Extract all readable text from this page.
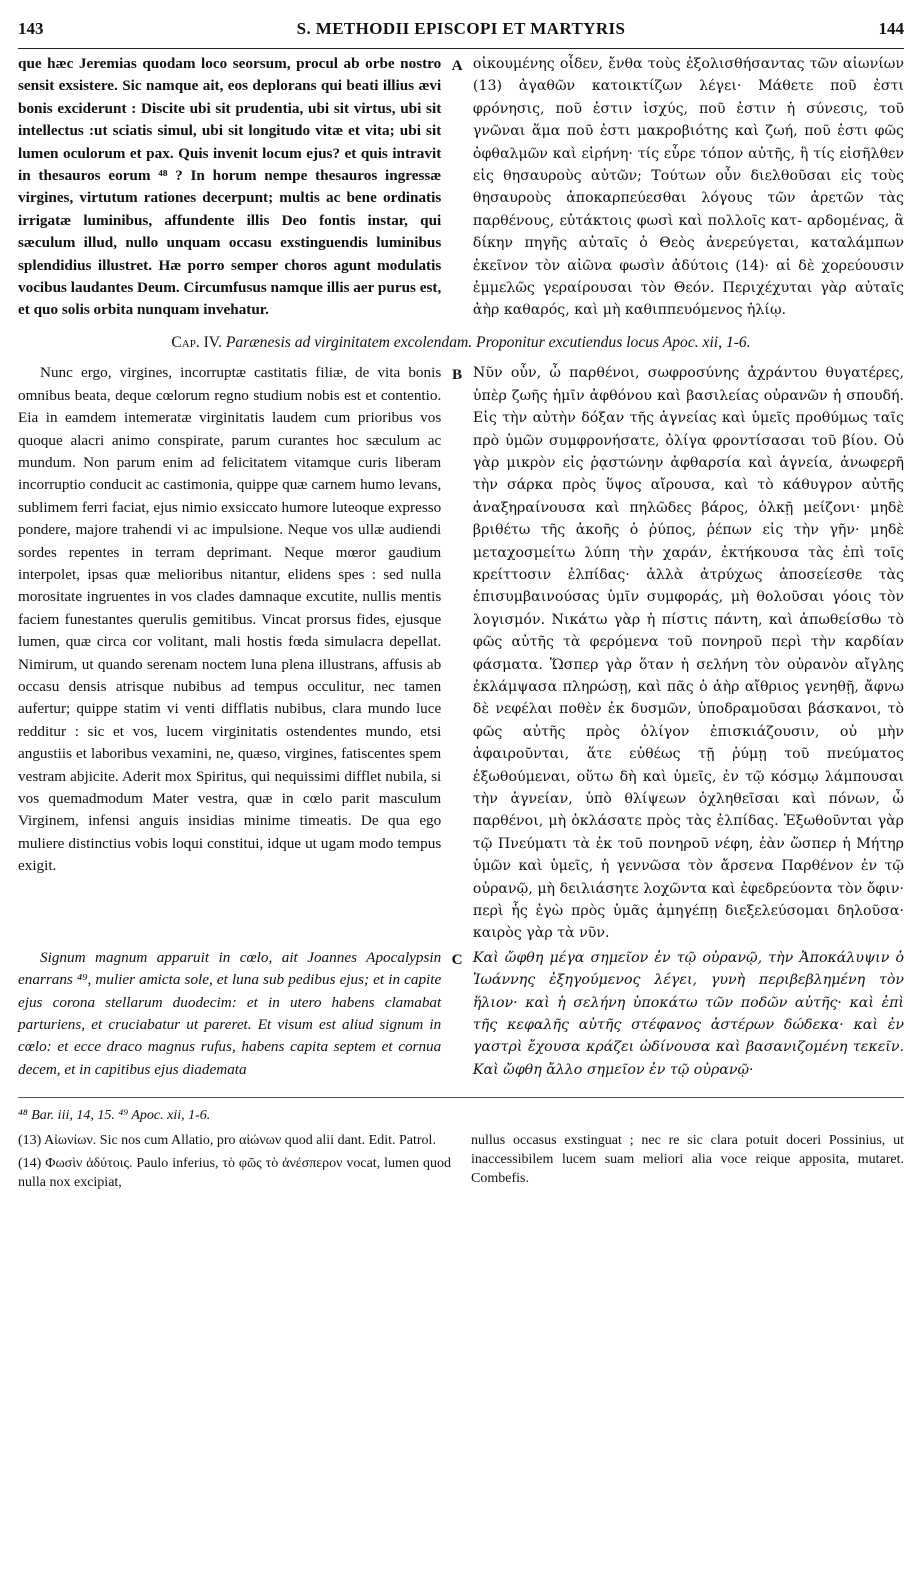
143	S. METHODII EPISCOPI ET MARTYRIS	144

que hæc Jeremias quodam loco seorsum, procul ab orbe nostro sensit exsistere. Sic namque ait, eos deplorans qui beati illius ævi bonis exciderunt : Discite ubi sit prudentia, ubi sit virtus, ubi sit intellectus :ut sciatis simul, ubi sit longitudo vitæ et vita; ubi sit lumen oculorum et pax. Quis invenit locum ejus? et quis intravit in thesauros eorum ⁴⁸ ? In horum nempe thesauros ingressæ virgines, virtutum rationes decerpunt; multis ac bene ordinatis irrigatæ luminibus, affundente illis Deo fontis instar, qui sæculum illud, nullo unquam occasu exstinguendis luminibus splendidius illustret. Hæ porro semper choros agunt modulatis vocibus laudantes Deum. Circumfusus namque illis aer purus est, et quo solis orbita nunquam invehatur.

A οἰκουμένης οἶδεν, ἔνθα τοὺς ἐξολισθήσαντας τῶν αἰωνίων (13) ἀγαθῶν κατοικτίζων λέγει· Μάθετε ποῦ ἐστι φρόνησις, ποῦ ἐστιν ἰσχύς, ποῦ ἐστιν ἡ σύνεσις, τοῦ γνῶναι ἅμα ποῦ ἐστι μακροβιότης καὶ ζωή, ποῦ ἐστι φῶς ὀφθαλμῶν καὶ εἰρήνη· τίς εὗρε τόπον αὐτῆς, ἢ τίς εἰσῆλθεν εἰς θησαυροὺς αὐτῶν; Τούτων οὖν διελθοῦσαι εἰς τοὺς θησαυροὺς ἀποκαρπεύεσθαι λόγους τῶν ἀρετῶν τὰς παρθένους, εὐτάκτοις φωσὶ καὶ πολλοῖς κατ- αρδομένας, ἃ δίκην πηγῆς αὐταῖς ὁ Θεὸς ἀνερεύγεται, καταλάμπων ἐκεῖνον τὸν αἰῶνα φωσὶν ἀδύτοις (14)· αἱ δὲ χορεύουσιν ἐμμελῶς γεραίρουσαι τὸν Θεόν. Περιχέχυται γὰρ αὐταῖς ἀὴρ καθαρός, καὶ μὴ καθιππευόμενος ἡλίῳ.

Cap. IV. Parænesis ad virginitatem excolendam. Proponitur excutiendus locus Apoc. xii, 1-6.

Nunc ergo, virgines, incorruptæ castitatis filiæ, de vita bonis omnibus beata, deque cœlorum regno studium nobis est et contentio. Eia in eamdem intemeratæ virginitatis laudem cum prioribus vos quoque alacri animo conspirate, parum curantes hoc sæculum ac mundum. Non parum enim ad felicitatem vitamque curis liberam incorruptio conducit ac castimonia, quippe quæ carnem humo levans, sublimem ferri faciat, ejus nimio exsiccato humore luteoque expresso pondere, majore trahendi vi ac impulsione. Neque vos ullæ audiendi sordes repentes in terram deprimant. Neque mœror gaudium interpolet, ipsas quæ melioribus nitantur, elidens spes : sed nulla morositate ingruentes in vos clades damnaque excutite, nullis mentis faciem funestantes querulis gemitibus. Vincat prorsus fides, ejusque lumen, quæ circa cor volitant, mali hostis fœda simulacra depellat. Nimirum, ut quando serenam noctem luna plena illustrans, affusis ab occasu densis atrisque nubibus ad tempus occulitur, nec tamen aufertur; quippe statim vi venti difflatis nubibus, clara mundo luce redditur : sic et vos, lucem virginitatis ostendentes mundo, etsi angustiis et laboribus vexamini, ne, quæso, virgines, fatiscentes spem vestram abjicite. Aderit mox Spiritus, qui nequissimi difflet nubila, si vos quemadmodum Mater vestra, quæ in cœlo parit masculum Virginem, infensi anguis insidias minime timeatis. De qua ego muliere distinctius vobis loqui constitui, idque ut ugam modo tempus exigit.

B Νῦν οὖν, ὦ παρθένοι, σωφροσύνης ἀχράντου θυγατέρες, ὑπὲρ ζωῆς ἡμῖν ἀφθόνου καὶ βασιλείας οὐρανῶν ἡ σπουδή. Εἰς τὴν αὐτὴν δόξαν τῆς ἁγνείας καὶ ὑμεῖς προθύμως ταῖς πρὸ ὑμῶν συμφρονήσατε, ὀλίγα φροντίσασαι τοῦ βίου. Οὐ γὰρ μικρὸν εἰς ῥᾳστώνην ἀφθαρσία καὶ ἁγνεία, ἀνωφερῆ τὴν σάρκα πρὸς ὕψος αἴρουσα, καὶ τὸ κάθυγρον αὐτῆς ἀναξηραίνουσα καὶ πηλῶδες βάρος, ὁλκῇ μείζονι· μηδὲ βριθέτω τῆς ἀκοῆς ὁ ῥύπος, ῥέπων εἰς τὴν γῆν· μηδὲ μεταχοσμείτω λύπη τὴν χαράν, ἐκτήκουσα τὰς ἐπὶ τοῖς κρείττοσιν ἐλπίδας· ἀλλὰ ἀτρύχως ἀποσείεσθε τὰς ἐπισυμβαινούσας ὑμῖν συμφοράς, μὴ θολοῦσαι γόοις τὸν λογισμόν. Νικάτω γὰρ ἡ πίστις πάντη, καὶ ἀπωθείσθω τὸ φῶς αὐτῆς τὰ φερόμενα τοῦ πονηροῦ περὶ τὴν καρδίαν φάσματα. Ὥσπερ γὰρ ὅταν ἡ σελήνη τὸν οὐρανὸν αἴγλης ἐκλάμψασα πληρώσῃ, καὶ πᾶς ὁ ἀὴρ αἴθριος γενηθῇ, ἄφνω δὲ νεφέλαι ποθὲν ἐκ δυσμῶν, ὑποδραμοῦσαι βάσκανοι, τὸ φῶς αὐτῆς πρὸς ὀλίγον ἐπισκιάζουσιν, οὐ μὴν ἀφαιροῦνται, ἅτε εὐθέως τῇ ῥύμῃ τοῦ πνεύματος ἐξωθούμεναι, οὕτω δὴ καὶ ὑμεῖς, ἐν τῷ κόσμῳ λάμπουσαι τὴν ἁγνείαν, ὑπὸ θλίψεων ὀχληθεῖσαι καὶ πόνων, ὦ παρθένοι, μὴ ὀκλάσατε πρὸς τὰς ἐλπίδας. Ἐξωθοῦνται γὰρ τῷ Πνεύματι τὰ ἐκ τοῦ πονηροῦ νέφη, ἐὰν ὥσπερ ἡ Μήτηρ ὑμῶν καὶ ὑμεῖς, ἡ γεννῶσα τὸν ἄρσενα Παρθένον ἐν τῷ οὐρανῷ, μὴ δειλιάσητε λοχῶντα καὶ ἐφεδρεύοντα τὸν ὄφιν· περὶ ἧς ἐγὼ πρὸς ὑμᾶς ἀμηγέπῃ διεξελεύσομαι δηλοῦσα· καιρὸς γὰρ τὰ νῦν.

Signum magnum apparuit in cœlo, ait Joannes Apocalypsin enarrans ⁴⁹, mulier amicta sole, et luna sub pedibus ejus; et in capite ejus corona stellarum duodecim: et in utero habens clamabat parturiens, et cruciabatur ut pareret. Et visum est aliud signum in cœlo: et ecce draco magnus rufus, habens capita septem et cornua decem, et in capitibus ejus diademata

C Καὶ ὤφθη μέγα σημεῖον ἐν τῷ οὐρανῷ, τὴν Ἀποκάλυψιν ὁ Ἰωάννης ἐξηγούμενος λέγει, γυνὴ περιβεβλημένη τὸν ἥλιον· καὶ ἡ σελήνη ὑποκάτω τῶν ποδῶν αὐτῆς· καὶ ἐπὶ τῆς κεφαλῆς αὐτῆς στέφανος ἀστέρων δώδεκα· καὶ ἐν γαστρὶ ἔχουσα κράζει ὠδίνουσα καὶ βασανιζομένη τεκεῖν. Καὶ ὤφθη ἄλλο σημεῖον ἐν τῷ οὐρανῷ·

⁴⁸ Bar. iii, 14, 15. ⁴⁹ Apoc. xii, 1-6.

(13) Αἰωνίων. Sic nos cum Allatio, pro αἰώνων quod alii dant. Edit. Patrol.

(14) Φωσὶν ἀδύτοις. Paulo inferius, τὸ φῶς τὸ ἀνέσπερον vocat, lumen quod nulla nox excipiat,

nullus occasus exstinguat ; nec re sic clara potuit doceri Possinius, ut inaccessibilem lucem suam meliori alia voce reique apposita, mutaret. Combefis.
